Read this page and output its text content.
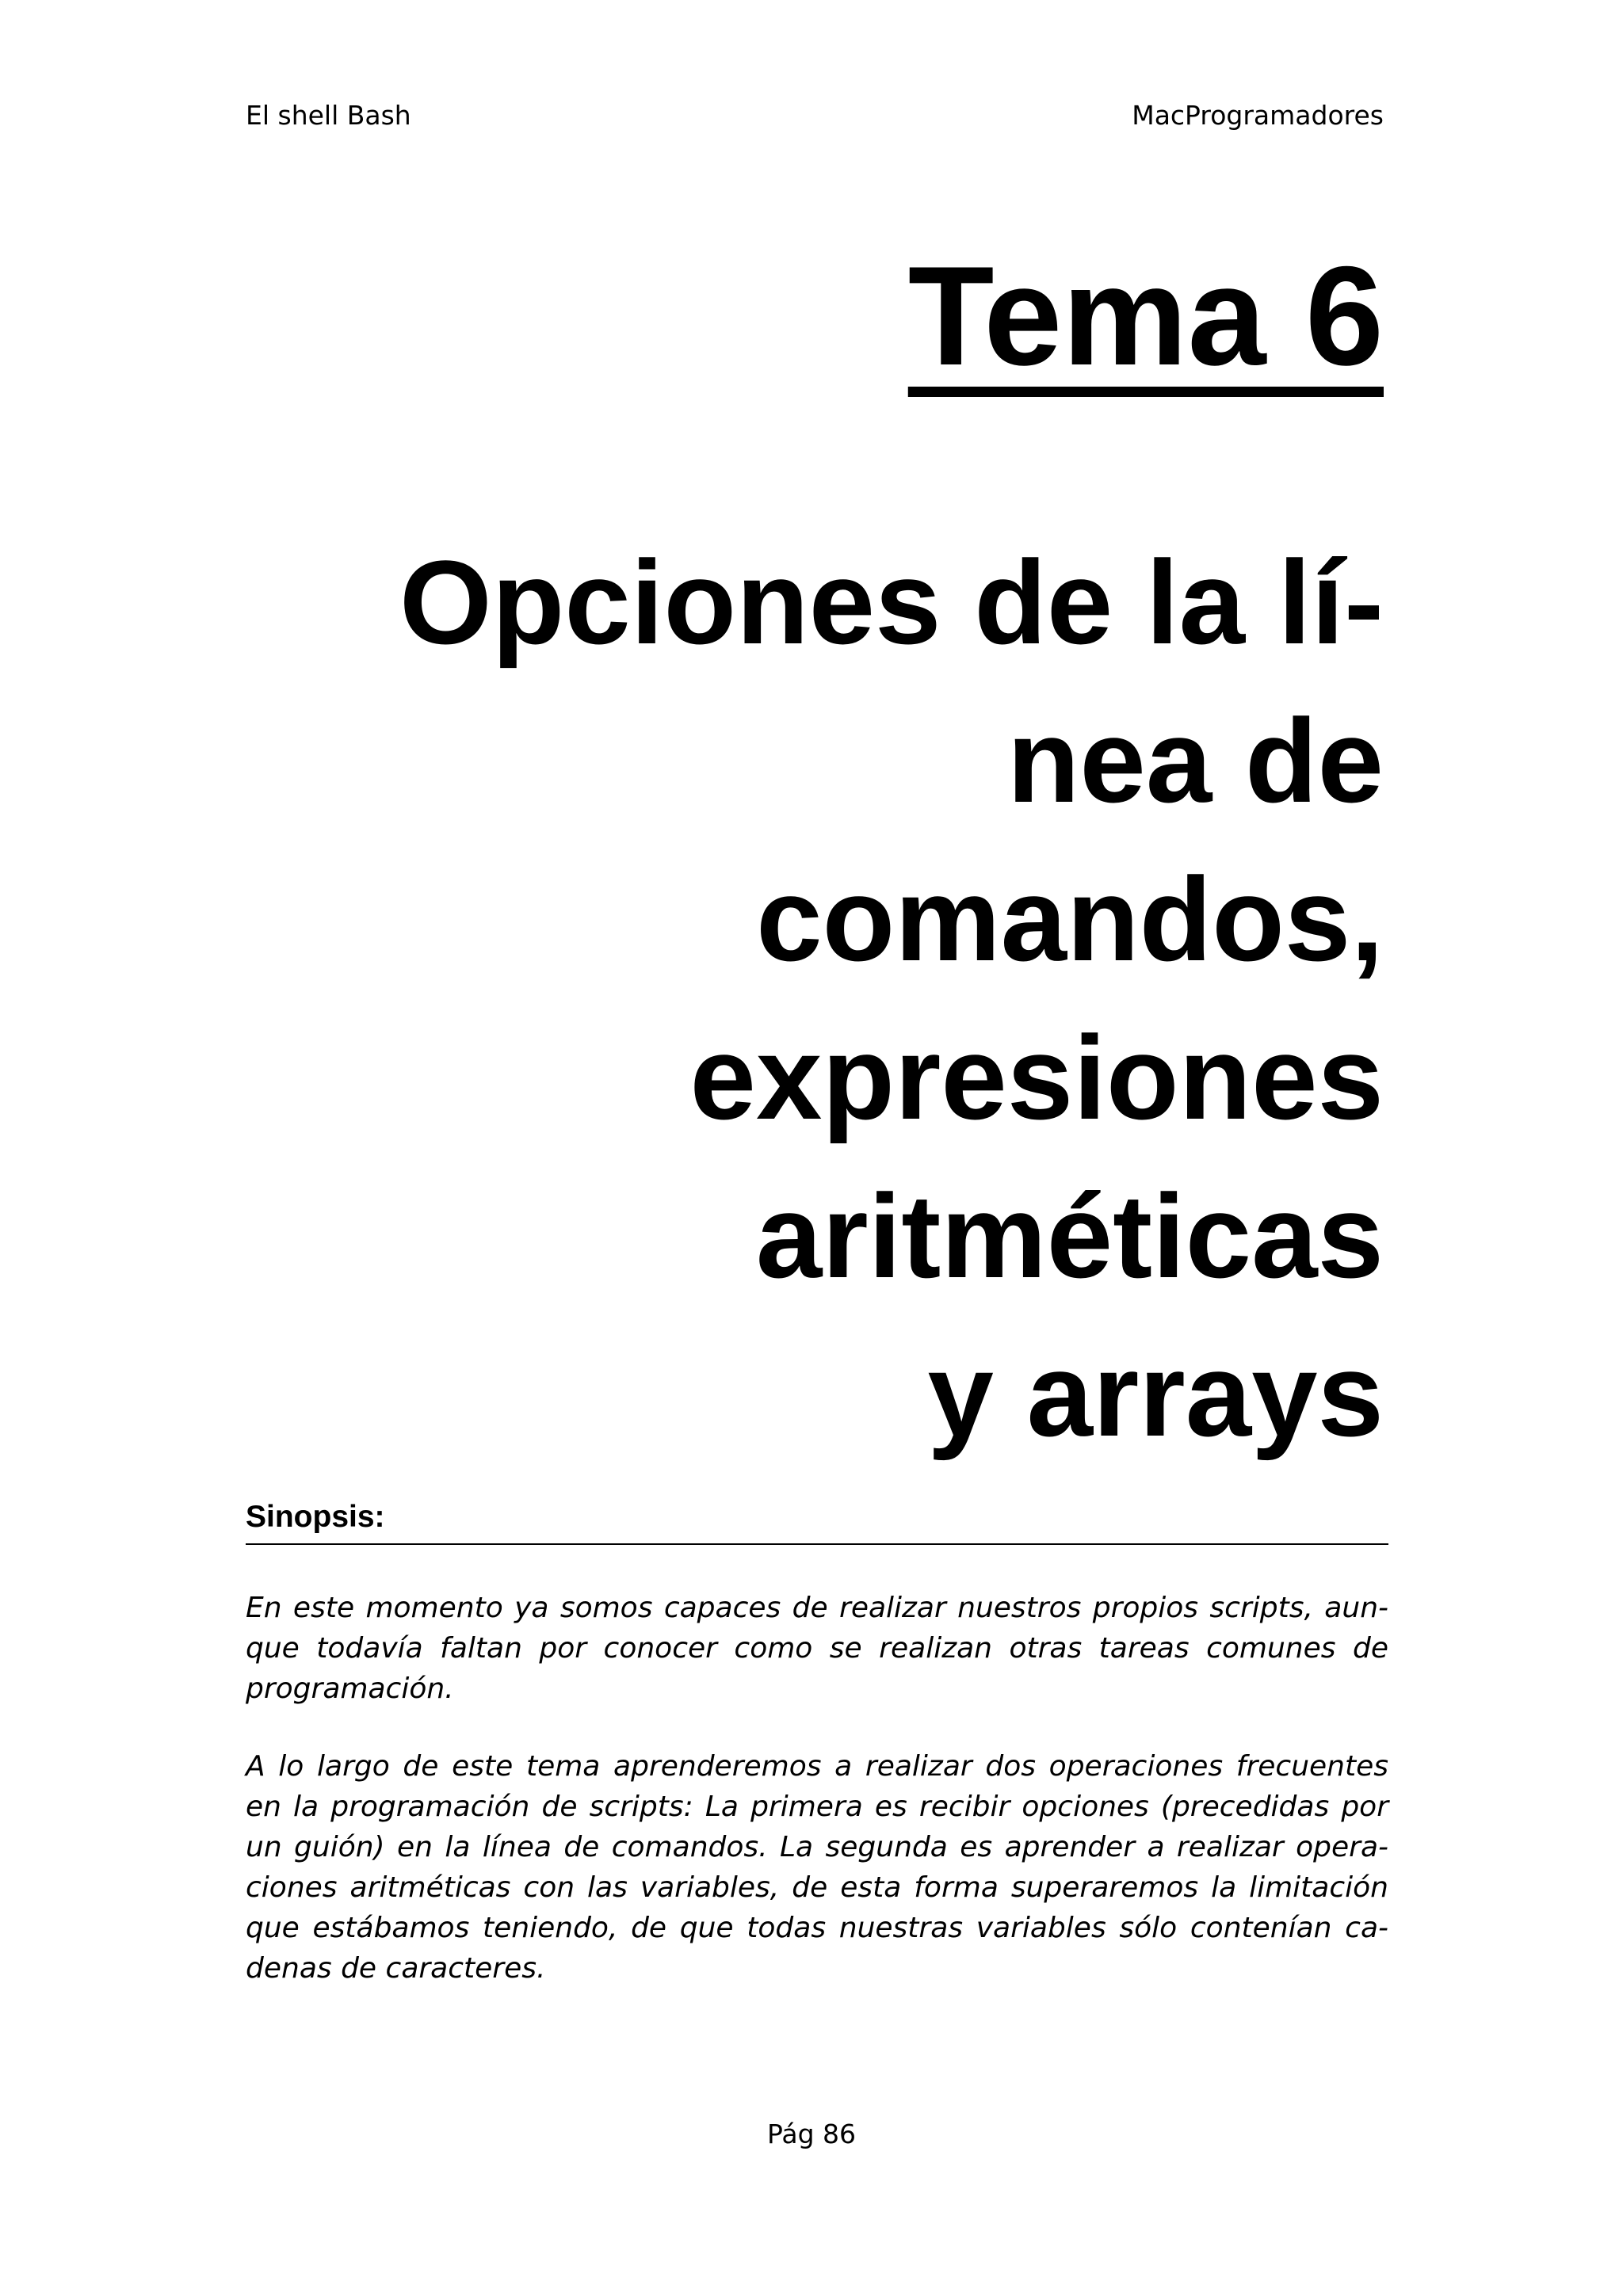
El shell Bash	MacProgramadores
Tema 6
Opciones de la lí-
nea de
comandos,
expresiones
aritméticas
y arrays
Sinopsis:
En este momento ya somos capaces de realizar nuestros propios scripts, aun-
que todavía faltan por conocer como se realizan otras tareas comunes de
programación.
A lo largo de este tema aprenderemos a realizar dos operaciones frecuentes
en la programación de scripts: La primera es recibir opciones (precedidas por
un guión) en la línea de comandos. La segunda es aprender a realizar opera-
ciones aritméticas con las variables, de esta forma superaremos la limitación
que estábamos teniendo, de que todas nuestras variables sólo contenían ca-
denas de caracteres.
Pág 86
